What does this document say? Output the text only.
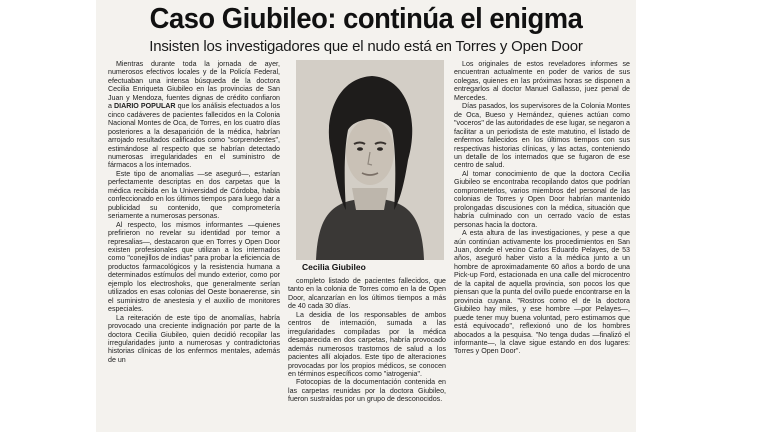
Caso Giubileo: continúa el enigma
Insisten los investigadores que el nudo está en Torres y Open Door

Mientras durante toda la jornada de ayer, numerosos efectivos locales y de la Policía Federal, efectuaban una intensa búsqueda de la doctora Cecilia Enriqueta Giubileo en las provincias de San Juan y Mendoza, fuentes dignas de crédito confiaron a DIARIO POPULAR que los análisis efectuados a los cinco cadáveres de pacientes fallecidos en la Colonia Nacional Montes de Oca, de Torres, en los cuatro días posteriores a la desaparición de la médica, habrían arrojado resultados calificados como "sorprendentes", estimándose al respecto que se habrían detectado numerosas irregularidades en el suministro de fármacos a los internados.

Este tipo de anomalías —se aseguró—, estarían perfectamente descriptas en dos carpetas que la médica recibida en la Universidad de Córdoba, había confeccionado en los últimos tiempos para luego dar a publicidad su contenido, que comprometería seriamente a numerosas personas.

Al respecto, los mismos informantes —quienes prefirieron no revelar su identidad por temor a represalias—, destacaron que en Torres y Open Door existen profesionales que utilizan a los internados como "conejillos de indias" para probar la eficiencia de productos farmacológicos y la resistencia humana a determinados estímulos del mundo exterior, como por ejemplo los electroshoks, que generalmente serían utilizados en esas colonias del Oeste bonaerense, sin el suministro de anestesia y el auxilio de monitores especiales.

La reiteración de este tipo de anomalías, habría provocado una creciente indignación por parte de la doctora Cecilia Giubileo, quien decidió recopilar las irregularidades junto a numerosas y contradictorias historias clínicas de los enfermos mentales, además de un

Cecilia Giubileo

completo listado de pacientes fallecidos, que tanto en la colonia de Torres como en la de Open Door, alcanzarían en los últimos tiempos a más de 40 cada 30 días.

La desidia de los responsables de ambos centros de internación, sumada a las irregularidades compiladas por la médica desaparecida en dos carpetas, habría provocado además numerosos trastornos de salud a los pacientes allí alojados. Este tipo de alteraciones provocadas por los propios médicos, se conocen en términos específicos como "iatrogenia".

Fotocopias de la documentación contenida en las carpetas reunidas por la doctora Giubileo, fueron sustraídas por un grupo de desconocidos.

Los originales de estos reveladores informes se encuentran actualmente en poder de varios de sus colegas, quienes en las próximas horas se disponen a entregarlos al doctor Manuel Gallasso, juez penal de Mercedes.

Días pasados, los supervisores de la Colonia Montes de Oca, Bueso y Hernández, quienes actúan como "voceros" de las autoridades de ese lugar, se negaron a facilitar a un periodista de este matutino, el listado de enfermos fallecidos en los últimos tiempos con sus respectivas historias clínicas, y las actas, conteniendo un detalle de los internados que se fugaron de ese centro de salud.

Al tomar conocimiento de que la doctora Cecilia Giubileo se encontraba recopilando datos que podrían comprometerlos, varios miembros del personal de las colonias de Torres y Open Door habrían mantenido prolongadas discusiones con la médica, situación que habría culminado con un cerrado vacío de estas personas hacia la doctora.

A esta altura de las investigaciones, y pese a que aún continúan activamente los procedimientos en San Juan, donde el vecino Carlos Eduardo Pelayes, de 53 años, aseguró haber visto a la médica junto a un hombre de aproximadamente 60 años a bordo de una Pick-up Ford, estacionada en una calle del microcentro de la capital de aquella provincia, son pocos los que piensan que la punta del ovillo puede encontrarse en la provincia cuyana. "Rostros como el de la doctora Giubileo hay miles, y ese hombre —por Pelayes—, puede tener muy buena voluntad, pero estimamos que está equivocado", reflexionó uno de los hombres abocados a la pesquisa. "No tenga dudas —finalizó el informante—, la clave sigue estando en dos lugares: Torres y Open Door".
